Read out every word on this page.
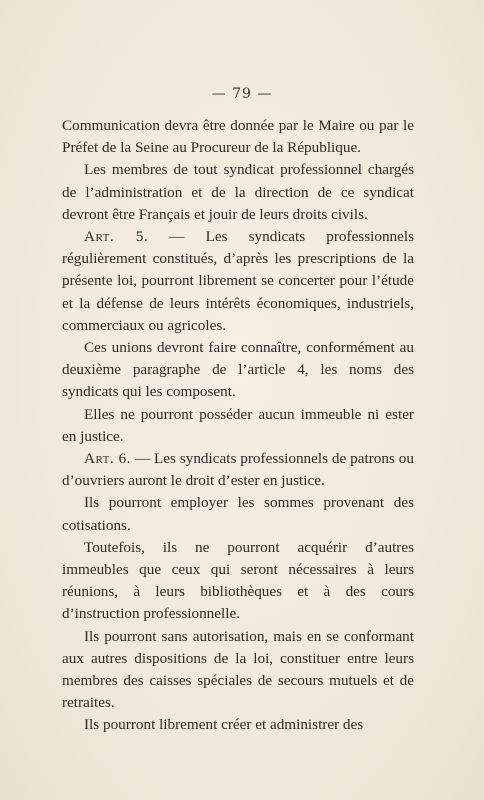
— 79 —

Communication devra être donnée par le Maire ou par le Préfet de la Seine au Procureur de la République.

Les membres de tout syndicat professionnel chargés de l’administration et de la direction de ce syndicat devront être Français et jouir de leurs droits civils.

Art. 5. — Les syndicats professionnels régulièrement constitués, d’après les prescriptions de la présente loi, pourront librement se concerter pour l’étude et la défense de leurs intérêts économiques, industriels, commerciaux ou agricoles.

Ces unions devront faire connaître, conformément au deuxième paragraphe de l’article 4, les noms des syndicats qui les composent.

Elles ne pourront posséder aucun immeuble ni ester en justice.

Art. 6. — Les syndicats professionnels de patrons ou d’ouvriers auront le droit d’ester en justice.

Ils pourront employer les sommes provenant des cotisations.

Toutefois, ils ne pourront acquérir d’autres immeubles que ceux qui seront nécessaires à leurs réunions, à leurs bibliothèques et à des cours d’instruction professionnelle.

Ils pourront sans autorisation, mais en se conformant aux autres dispositions de la loi, constituer entre leurs membres des caisses spéciales de secours mutuels et de retraites.

Ils pourront librement créer et administrer des
